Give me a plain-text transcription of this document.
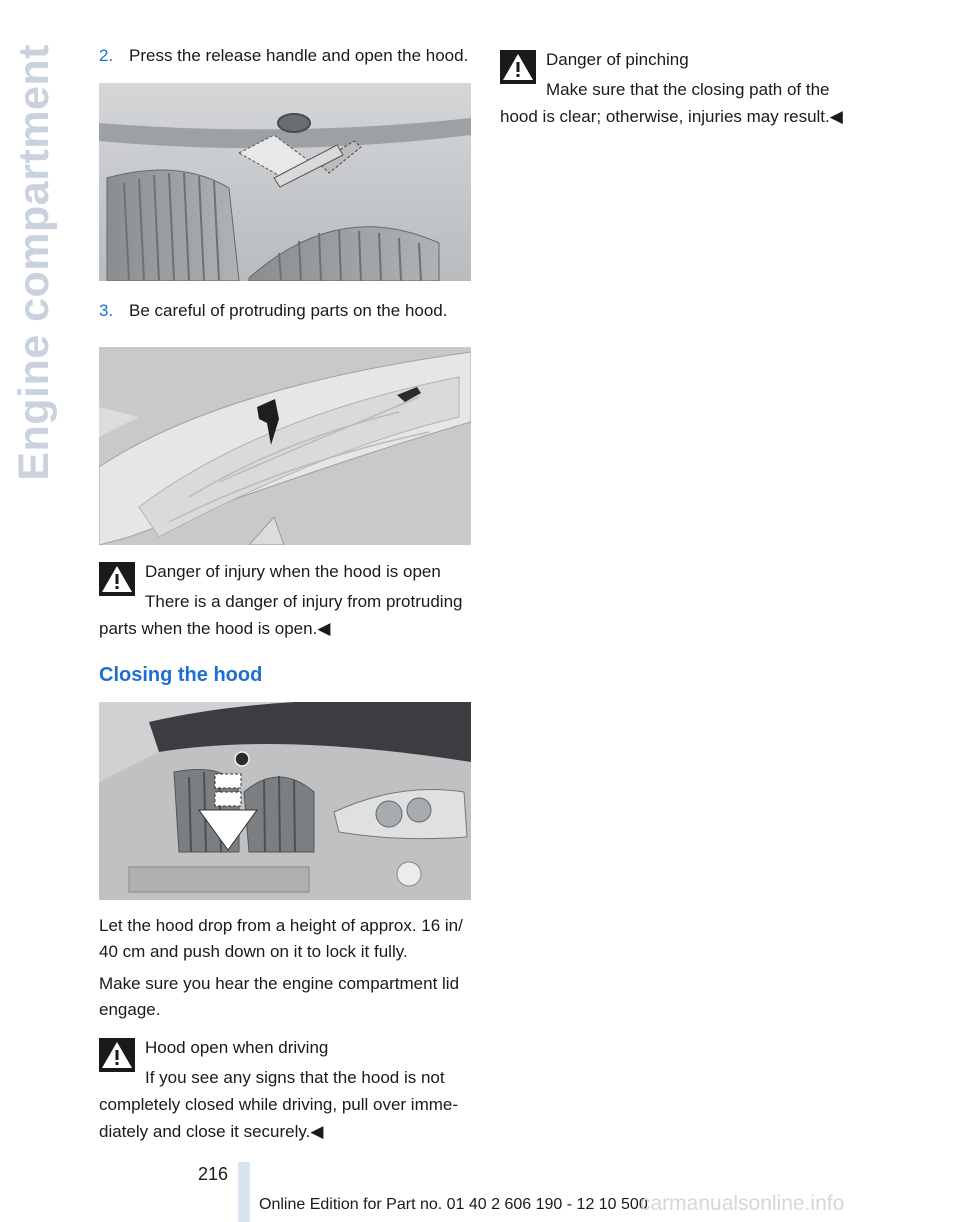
Engine compartment 2. Press the release handle and open the hood.
3. Be careful of protruding parts on the hood.
Danger of injury when the hood is open

There is a danger of injury from protruding parts when the hood is open.◀

Closing the hood

Let the hood drop from a height of approx. 16 in/ 40 cm and push down on it to lock it fully.

Make sure you hear the engine compartment lid engage.

Hood open when driving

If you see any signs that the hood is not completely closed while driving, pull over imme-diately and close it securely.◀

Danger of pinching

Make sure that the closing path of the hood is clear; otherwise, injuries may result.◀

216
Online Edition for Part no. 01 40 2 606 190 - 12 10 500
carmanualsonline.info
